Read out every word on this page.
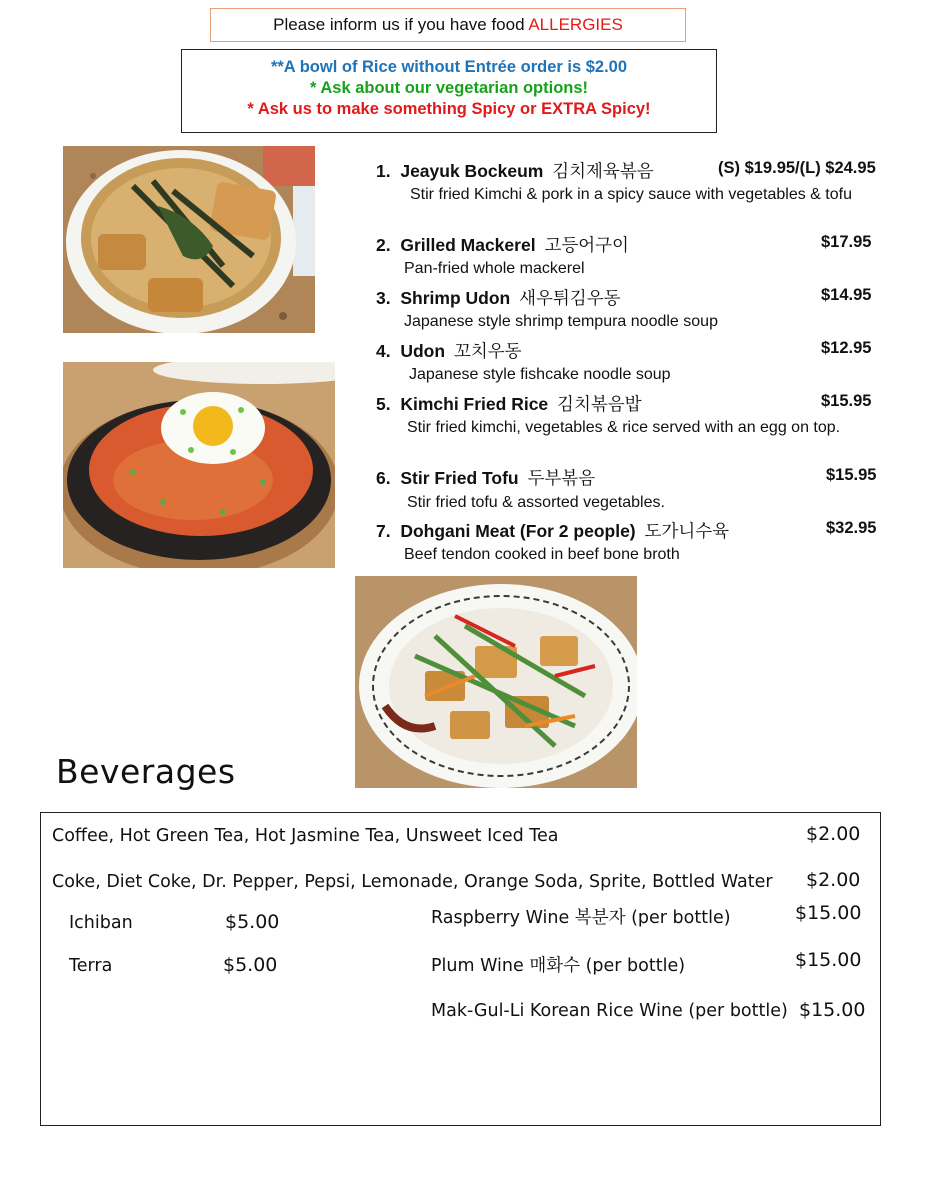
Please inform us if you have food ALLERGIES
**A bowl of Rice without Entrée order is $2.00
* Ask about our vegetarian options!
* Ask us to make something Spicy or EXTRA Spicy!
1. Jeayuk Bockeum 김치제육볶음	(S) $19.95/(L) $24.95
Stir fried Kimchi & pork in a spicy sauce with vegetables & tofu
2. Grilled Mackerel 고등어구이	$17.95
Pan-fried whole mackerel
3. Shrimp Udon 새우튀김우동	$14.95
Japanese style shrimp tempura noodle soup
4. Udon 꼬치우동	$12.95
Japanese style fishcake noodle soup
5. Kimchi Fried Rice 김치볶음밥	$15.95
Stir fried kimchi, vegetables & rice served with an egg on top.
6. Stir Fried Tofu 두부볶음	$15.95
Stir fried tofu & assorted vegetables.
7. Dohgani Meat (For 2 people) 도가니수육	$32.95
Beef tendon cooked in beef bone broth
Beverages
Coffee, Hot Green Tea, Hot Jasmine Tea, Unsweet Iced Tea	$2.00
Coke, Diet Coke, Dr. Pepper, Pepsi, Lemonade, Orange Soda, Sprite, Bottled Water $2.00
Ichiban	$5.00
Terra	$5.00
Raspberry Wine 복분자 (per bottle)	$15.00
Plum Wine 매화수 (per bottle)	$15.00
Mak-Gul-Li Korean Rice Wine (per bottle) $15.00
